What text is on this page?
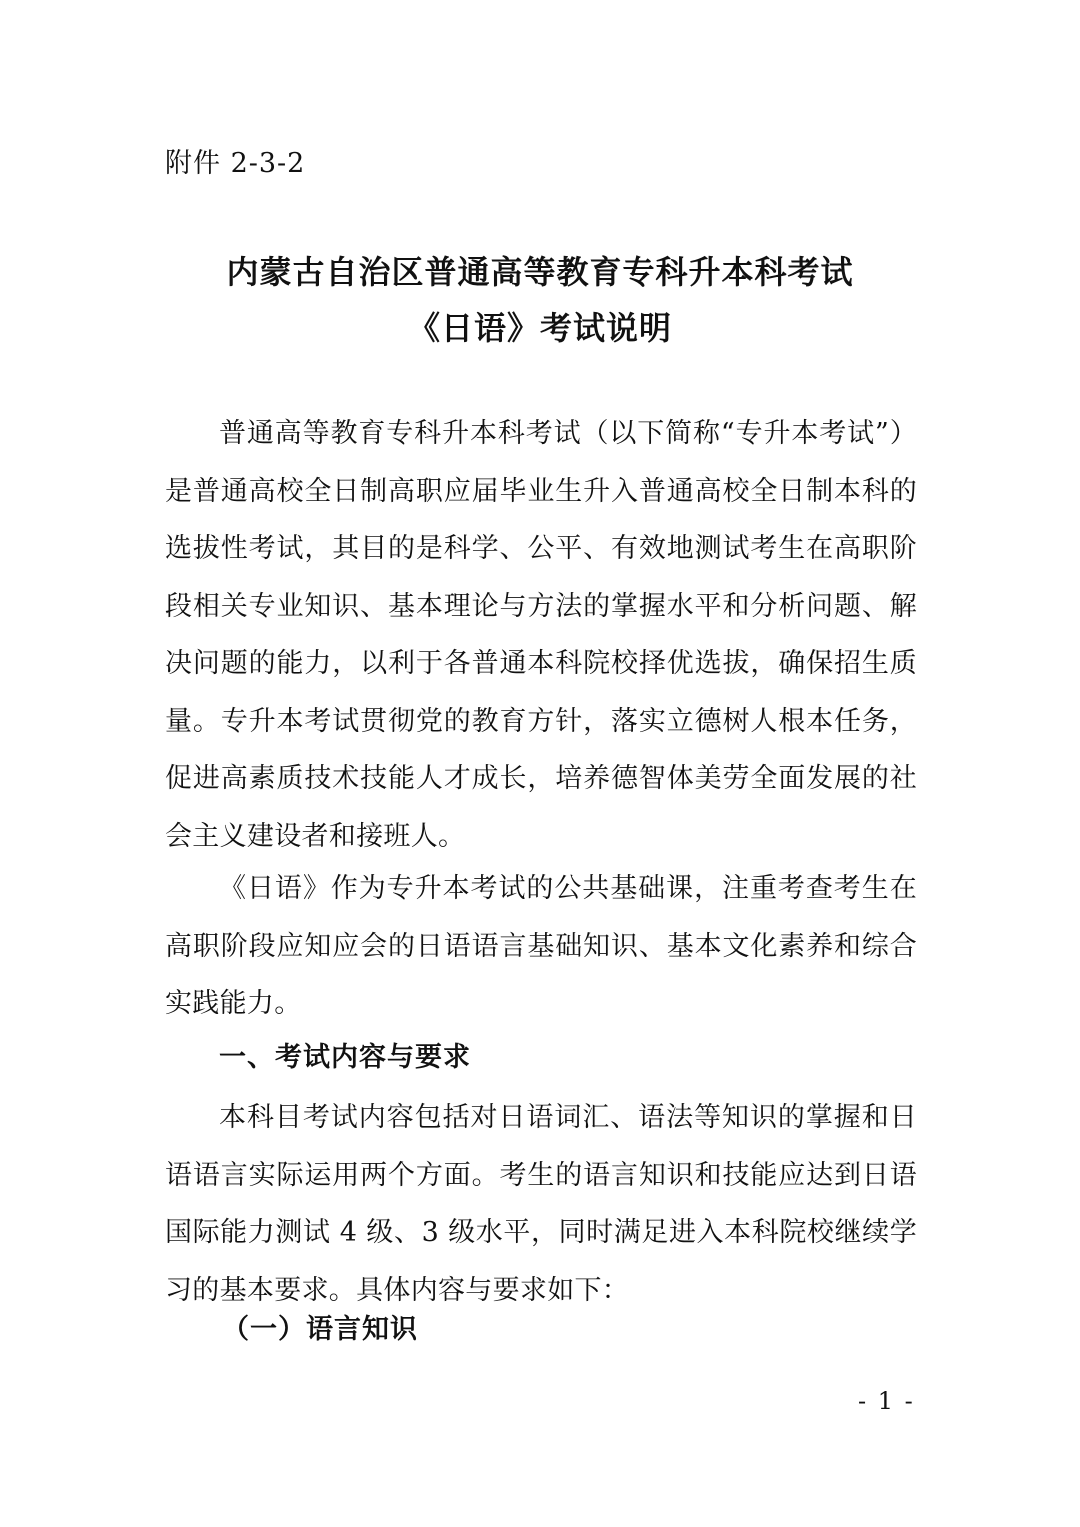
附件 2-3-2
内蒙古自治区普通高等教育专科升本科考试
《日语》考试说明

普通高等教育专科升本科考试（以下简称“专升本考试”）是普通高校全日制高职应届毕业生升入普通高校全日制本科的选拔性考试，其目的是科学、公平、有效地测试考生在高职阶段相关专业知识、基本理论与方法的掌握水平和分析问题、解决问题的能力，以利于各普通本科院校择优选拔，确保招生质量。专升本考试贯彻党的教育方针，落实立德树人根本任务，促进高素质技术技能人才成长，培养德智体美劳全面发展的社会主义建设者和接班人。

《日语》作为专升本考试的公共基础课，注重考查考生在高职阶段应知应会的日语语言基础知识、基本文化素养和综合实践能力。

一、考试内容与要求

本科目考试内容包括对日语词汇、语法等知识的掌握和日语语言实际运用两个方面。考生的语言知识和技能应达到日语国际能力测试 4 级、3 级水平，同时满足进入本科院校继续学习的基本要求。具体内容与要求如下：

（一）语言知识
- 1 -
